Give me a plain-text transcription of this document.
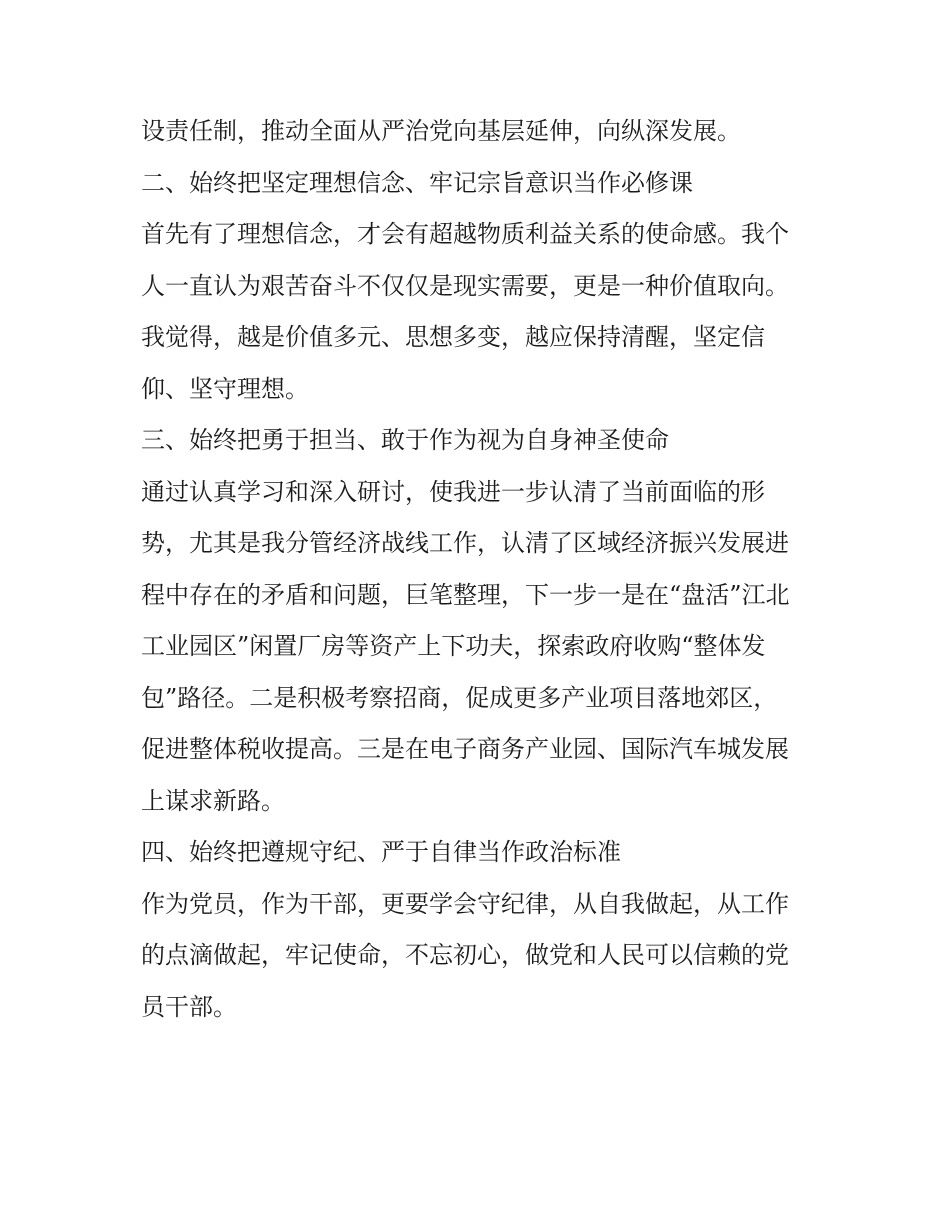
设责任制，推动全面从严治党向基层延伸，向纵深发展。
二、始终把坚定理想信念、牢记宗旨意识当作必修课
首先有了理想信念，才会有超越物质利益关系的使命感。我个
人一直认为艰苦奋斗不仅仅是现实需要，更是一种价值取向。
我觉得，越是价值多元、思想多变，越应保持清醒，坚定信
仰、坚守理想。
三、始终把勇于担当、敢于作为视为自身神圣使命
通过认真学习和深入研讨，使我进一步认清了当前面临的形
势，尤其是我分管经济战线工作，认清了区域经济振兴发展进
程中存在的矛盾和问题，巨笔整理，下一步一是在“盘活”江北
工业园区”闲置厂房等资产上下功夫，探索政府收购“整体发
包”路径。二是积极考察招商，促成更多产业项目落地郊区，
促进整体税收提高。三是在电子商务产业园、国际汽车城发展
上谋求新路。
四、始终把遵规守纪、严于自律当作政治标准
作为党员，作为干部，更要学会守纪律，从自我做起，从工作
的点滴做起，牢记使命，不忘初心，做党和人民可以信赖的党
员干部。
